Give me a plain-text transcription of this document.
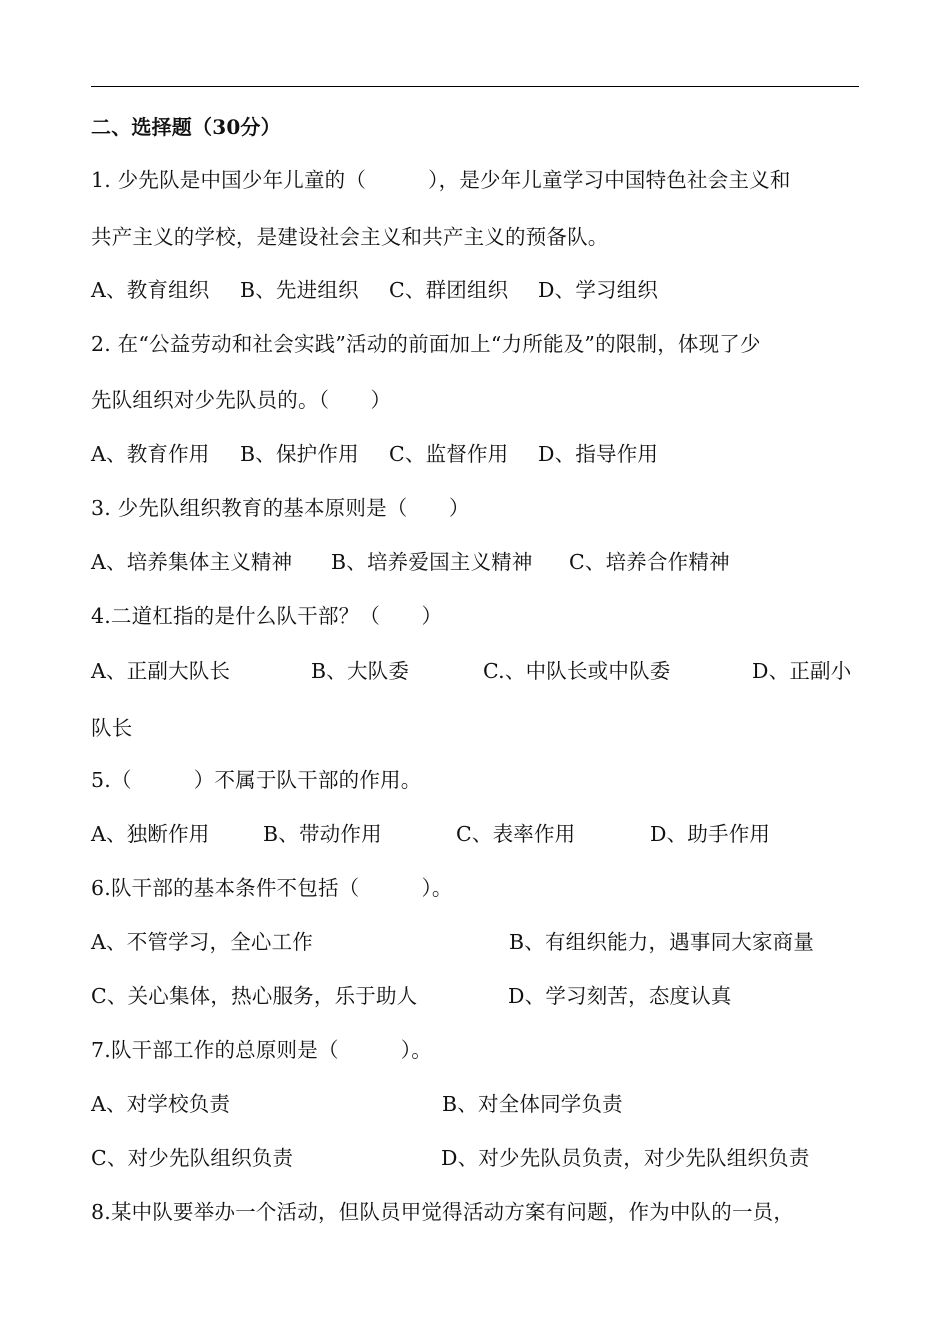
二、选择题（30分）
1. 少先队是中国少年儿童的（　　　），是少年儿童学习中国特色社会主义和
共产主义的学校，是建设社会主义和共产主义的预备队。
A、教育组织 B、先进组织 C、群团组织 D、学习组织
2. 在“公益劳动和社会实践”活动的前面加上“力所能及”的限制，体现了少
先队组织对少先队员的。（　　）
A、教育作用 B、保护作用 C、监督作用 D、指导作用
3. 少先队组织教育的基本原则是（　　）
A、培养集体主义精神 B、培养爱国主义精神 C、培养合作精神
4.二道杠指的是什么队干部？（　　）
A、正副大队长	B、大队委	C.、中队长或中队委	D、正副小
队长
5.（　　　）不属于队干部的作用。
A、独断作用	B、带动作用	C、表率作用	D、助手作用
6.队干部的基本条件不包括（　　　）。
A、不管学习，全心工作	B、有组织能力，遇事同大家商量
C、关心集体，热心服务，乐于助人	D、学习刻苦，态度认真
7.队干部工作的总原则是（　　　）。
A、对学校负责	B、对全体同学负责
C、对少先队组织负责	D、对少先队员负责，对少先队组织负责
8.某中队要举办一个活动，但队员甲觉得活动方案有问题，作为中队的一员，
